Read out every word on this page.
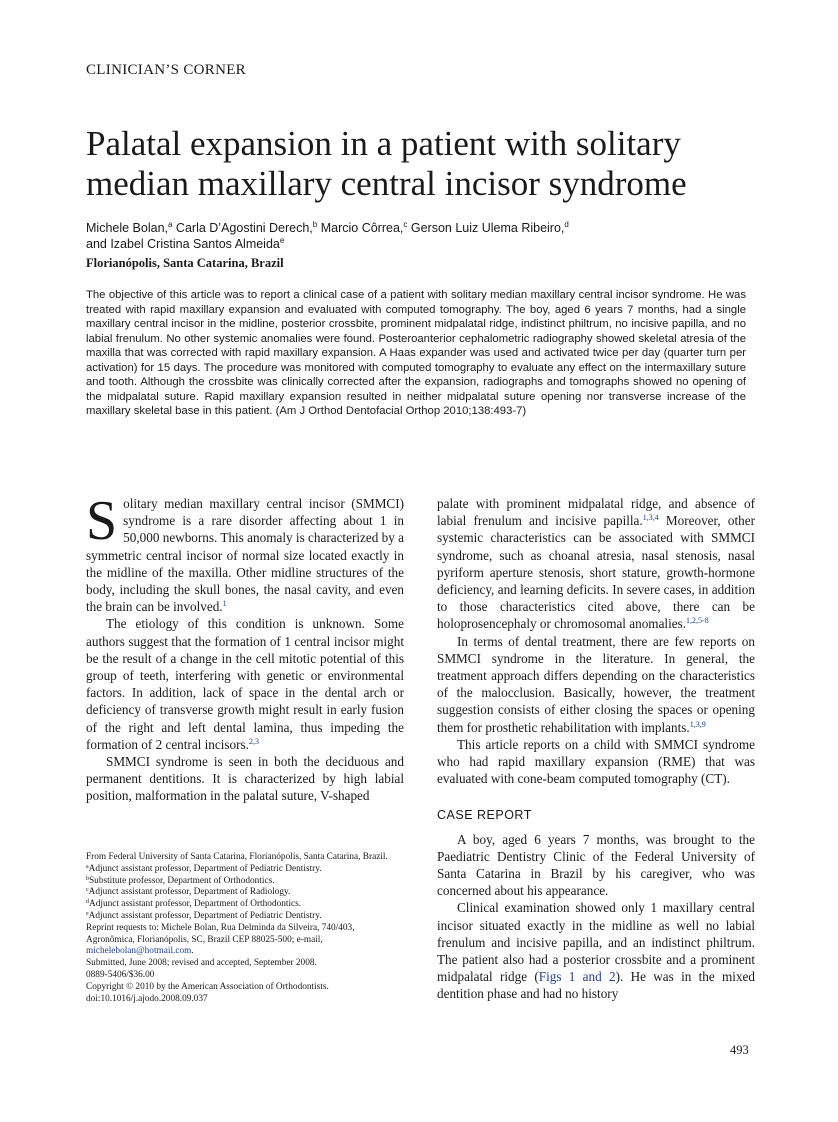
CLINICIAN’S CORNER
Palatal expansion in a patient with solitary
median maxillary central incisor syndrome
Michele Bolan,$^a$ Carla D’Agostini Derech,$^b$ Marcio Côrrea,$^c$ Gerson Luiz Ulema Ribeiro,$^d$
and Izabel Cristina Santos Almeida$^e$
Florianópolis, Santa Catarina, Brazil

The objective of this article was to report a clinical case of a patient with solitary median maxillary central incisor syndrome. He was treated with rapid maxillary expansion and evaluated with computed tomography. The boy, aged 6 years 7 months, had a single maxillary central incisor in the midline, posterior crossbite, prominent midpalatal ridge, indistinct philtrum, no incisive papilla, and no labial frenulum. No other systemic anomalies were found. Posteroanterior cephalometric radiography showed skeletal atresia of the maxilla that was corrected with rapid maxillary expansion. A Haas expander was used and activated twice per day (quarter turn per activation) for 15 days. The procedure was monitored with computed tomography to evaluate any effect on the intermaxillary suture and tooth. Although the crossbite was clinically corrected after the expansion, radiographs and tomographs showed no opening of the midpalatal suture. Rapid maxillary expansion resulted in neither midpalatal suture opening nor transverse increase of the maxillary skeletal base in this patient. (Am J Orthod Dentofacial Orthop 2010;138:493-7)

Solitary median maxillary central incisor (SMMCI) syndrome is a rare disorder affecting about 1 in 50,000 newborns. This anomaly is characterized by a symmetric central incisor of normal size located exactly in the midline of the maxilla. Other midline structures of the body, including the skull bones, the nasal cavity, and even the brain can be involved.$^1$

The etiology of this condition is unknown. Some authors suggest that the formation of 1 central incisor might be the result of a change in the cell mitotic potential of this group of teeth, interfering with genetic or environmental factors. In addition, lack of space in the dental arch or deficiency of transverse growth might result in early fusion of the right and left dental lamina, thus impeding the formation of 2 central incisors.$^{2,3}$

SMMCI syndrome is seen in both the deciduous and permanent dentitions. It is characterized by high labial position, malformation in the palatal suture, V-shaped

palate with prominent midpalatal ridge, and absence of labial frenulum and incisive papilla.$^{1,3,4}$ Moreover, other systemic characteristics can be associated with SMMCI syndrome, such as choanal atresia, nasal stenosis, nasal pyriform aperture stenosis, short stature, growth-hormone deficiency, and learning deficits. In severe cases, in addition to those characteristics cited above, there can be holoprosencephaly or chromosomal anomalies.$^{1,2,5-8}$

In terms of dental treatment, there are few reports on SMMCI syndrome in the literature. In general, the treatment approach differs depending on the characteristics of the malocclusion. Basically, however, the treatment suggestion consists of either closing the spaces or opening them for prosthetic rehabilitation with implants.$^{1,3,9}$

This article reports on a child with SMMCI syndrome who had rapid maxillary expansion (RME) that was evaluated with cone-beam computed tomography (CT).

CASE REPORT

A boy, aged 6 years 7 months, was brought to the Paediatric Dentistry Clinic of the Federal University of Santa Catarina in Brazil by his caregiver, who was concerned about his appearance.

Clinical examination showed only 1 maxillary central incisor situated exactly in the midline as well no labial frenulum and incisive papilla, and an indistinct philtrum. The patient also had a posterior crossbite and a prominent midpalatal ridge (Figs 1 and 2). He was in the mixed dentition phase and had no history

From Federal University of Santa Catarina, Florianópolis, Santa Catarina, Brazil.
$^a$Adjunct assistant professor, Department of Pediatric Dentistry.
$^b$Substitute professor, Department of Orthodontics.
$^c$Adjunct assistant professor, Department of Radiology.
$^d$Adjunct assistant professor, Department of Orthodontics.
$^e$Adjunct assistant professor, Department of Pediatric Dentistry.
Reprint requests to: Michele Bolan, Rua Delminda da Silveira, 740/403, Agronômica, Florianópolis, SC, Brazil CEP 88025-500; e-mail, michelebolan@hotmail.com.
Submitted, June 2008; revised and accepted, September 2008.
0889-5406/$36.00
Copyright © 2010 by the American Association of Orthodontists.
doi:10.1016/j.ajodo.2008.09.037
493
